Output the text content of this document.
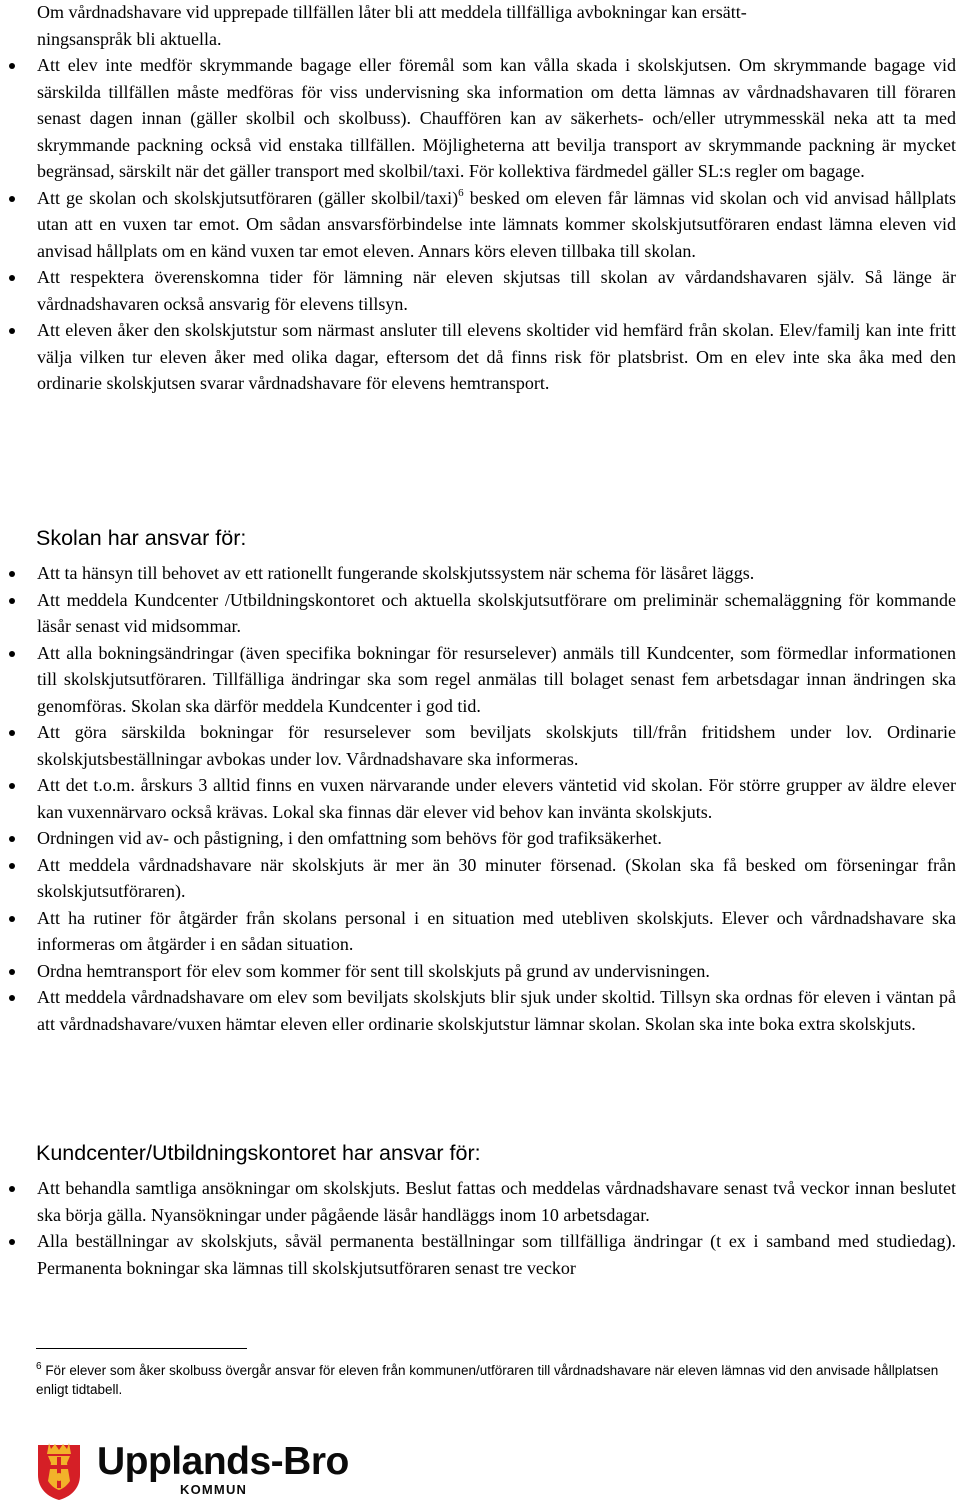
Om vårdnadshavare vid upprepade tillfällen låter bli att meddela tillfälliga avbokningar kan ersätt-
ningsanspråk bli aktuella.
Att elev inte medför skrymmande bagage eller föremål som kan vålla skada i skolskjutsen. Om skrymmande bagage vid särskilda tillfällen måste medföras för viss undervisning ska information om detta lämnas av vårdnadshavaren till föraren senast dagen innan (gäller skolbil och skolbuss). Chauffören kan av säkerhets- och/eller utrymmesskäl neka att ta med skrymmande packning också vid enstaka tillfällen. Möjligheterna att bevilja transport av skrymmande packning är mycket begränsad, särskilt när det gäller transport med skolbil/taxi. För kollektiva färdmedel gäller SL:s regler om bagage.
Att ge skolan och skolskjutsutföraren (gäller skolbil/taxi)$^6$ besked om eleven får lämnas vid skolan och vid anvisad hållplats utan att en vuxen tar emot. Om sådan ansvarsförbindelse inte lämnats kommer skolskjutsutföraren endast lämna eleven vid anvisad hållplats om en känd vuxen tar emot eleven. Annars körs eleven tillbaka till skolan.
Att respektera överenskomna tider för lämning när eleven skjutsas till skolan av vårdandshavaren själv. Så länge är vårdnadshavaren också ansvarig för elevens tillsyn.
Att eleven åker den skolskjutstur som närmast ansluter till elevens skoltider vid hemfärd från skolan. Elev/familj kan inte fritt välja vilken tur eleven åker med olika dagar, eftersom det då finns risk för platsbrist. Om en elev inte ska åka med den ordinarie skolskjutsen svarar vårdnadshavare för elevens hemtransport.
Skolan har ansvar för:
Att ta hänsyn till behovet av ett rationellt fungerande skolskjutssystem när schema för läsåret läggs.
Att meddela Kundcenter /Utbildningskontoret och aktuella skolskjutsutförare om preliminär schemaläggning för kommande läsår senast vid midsommar.
Att alla bokningsändringar (även specifika bokningar för resurselever) anmäls till Kundcenter, som förmedlar informationen till skolskjutsutföraren. Tillfälliga ändringar ska som regel anmälas till bolaget senast fem arbetsdagar innan ändringen ska genomföras. Skolan ska därför meddela Kundcenter i god tid.
Att göra särskilda bokningar för resurselever som beviljats skolskjuts till/från fritidshem under lov. Ordinarie skolskjutsbeställningar avbokas under lov. Vårdnadshavare ska informeras.
Att det t.o.m. årskurs 3 alltid finns en vuxen närvarande under elevers väntetid vid skolan. För större grupper av äldre elever kan vuxennärvaro också krävas. Lokal ska finnas där elever vid behov kan invänta skolskjuts.
Ordningen vid av- och påstigning, i den omfattning som behövs för god trafiksäkerhet.
Att meddela vårdnadshavare när skolskjuts är mer än 30 minuter försenad. (Skolan ska få besked om förseningar från skolskjutsutföraren).
Att ha rutiner för åtgärder från skolans personal i en situation med utebliven skolskjuts. Elever och vårdnadshavare ska informeras om åtgärder i en sådan situation.
Ordna hemtransport för elev som kommer för sent till skolskjuts på grund av undervisningen.
Att meddela vårdnadshavare om elev som beviljats skolskjuts blir sjuk under skoltid. Tillsyn ska ordnas för eleven i väntan på att vårdnadshavare/vuxen hämtar eleven eller ordinarie skolskjutstur lämnar skolan. Skolan ska inte boka extra skolskjuts.
Kundcenter/Utbildningskontoret har ansvar för:
Att behandla samtliga ansökningar om skolskjuts. Beslut fattas och meddelas vårdnadshavare senast två veckor innan beslutet ska börja gälla. Nyansökningar under pågående läsår handläggs inom 10 arbetsdagar.
Alla beställningar av skolskjuts, såväl permanenta beställningar som tillfälliga ändringar (t ex i samband med studiedag). Permanenta bokningar ska lämnas till skolskjutsutföraren senast tre veckor
$^6$ För elever som åker skolbuss övergår ansvar för eleven från kommunen/utföraren till vårdnadshavare när eleven lämnas vid den anvisade hållplatsen enligt tidtabell.
Upplands-Bro
KOMMUN
